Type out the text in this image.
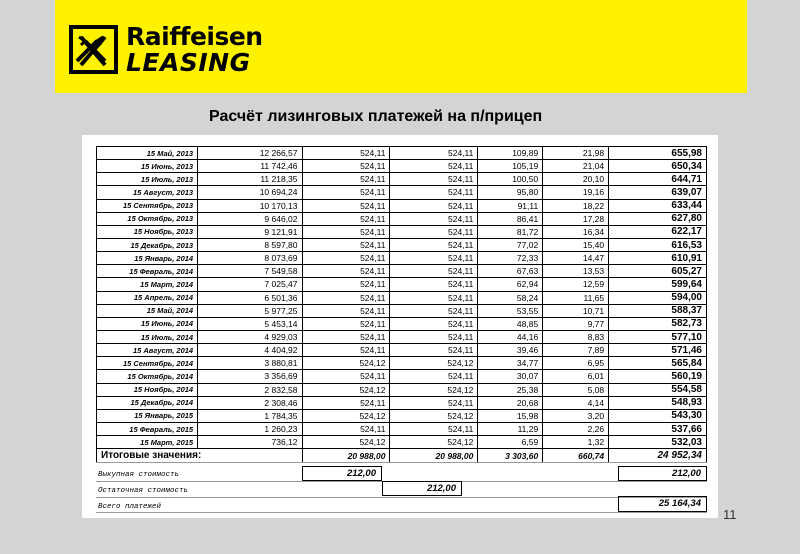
Raiffeisen
LEASING
Расчёт лизинговых платежей на п/прицеп
15 Май, 2013	12 266,57	524,11	524,11	109,89	21,98	655,98
15 Июнь, 2013	11 742,46	524,11	524,11	105,19	21,04	650,34
15 Июль, 2013	11 218,35	524,11	524,11	100,50	20,10	644,71
15 Август, 2013	10 694,24	524,11	524,11	95,80	19,16	639,07
15 Сентябрь, 2013	10 170,13	524,11	524,11	91,11	18,22	633,44
15 Октябрь, 2013	9 646,02	524,11	524,11	86,41	17,28	627,80
15 Ноябрь, 2013	9 121,91	524,11	524,11	81,72	16,34	622,17
15 Декабрь, 2013	8 597,80	524,11	524,11	77,02	15,40	616,53
15 Январь, 2014	8 073,69	524,11	524,11	72,33	14,47	610,91
15 Февраль, 2014	7 549,58	524,11	524,11	67,63	13,53	605,27
15 Март, 2014	7 025,47	524,11	524,11	62,94	12,59	599,64
15 Апрель, 2014	6 501,36	524,11	524,11	58,24	11,65	594,00
15 Май, 2014	5 977,25	524,11	524,11	53,55	10,71	588,37
15 Июнь, 2014	5 453,14	524,11	524,11	48,85	9,77	582,73
15 Июль, 2014	4 929,03	524,11	524,11	44,16	8,83	577,10
15 Август, 2014	4 404,92	524,11	524,11	39,46	7,89	571,46
15 Сентябрь, 2014	3 880,81	524,12	524,12	34,77	6,95	565,84
15 Октябрь, 2014	3 356,69	524,11	524,11	30,07	6,01	560,19
15 Ноябрь, 2014	2 832,58	524,12	524,12	25,38	5,08	554,58
15 Декабрь, 2014	2 308,46	524,11	524,11	20,68	4,14	548,93
15 Январь, 2015	1 784,35	524,12	524,12	15,98	3,20	543,30
15 Февраль, 2015	1 260,23	524,11	524,11	11,29	2,26	537,66
15 Март, 2015	736,12	524,12	524,12	6,59	1,32	532,03
Итоговые значения:		20 988,00	20 988,00	3 303,60	660,74	24 952,34
Выкупная стоимость	212,00	212,00
Остаточная стоимость	212,00
Всего платежей	25 164,34
11
